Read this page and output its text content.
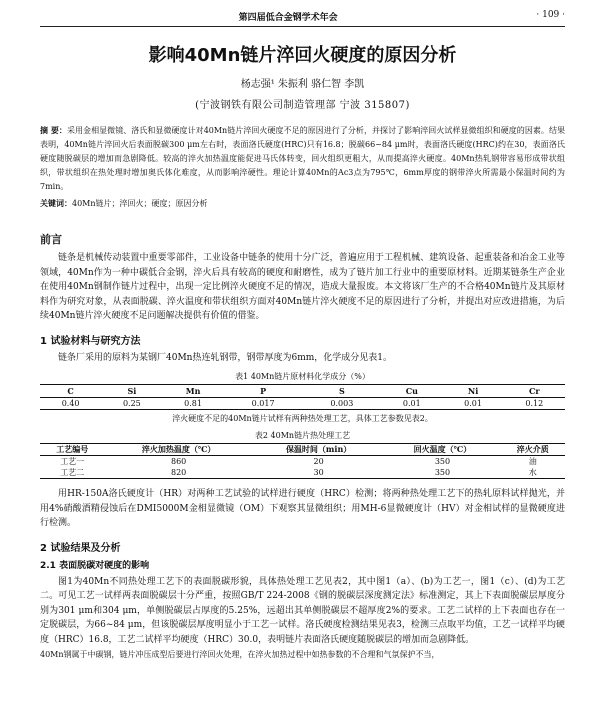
第四届低合金钢学术年会	· 109 ·
影响40Mn链片淬回火硬度的原因分析
杨志强¹ 朱振利 骆仁智 李凯
(宁波钢铁有限公司制造管理部 宁波 315807)
摘 要：采用金相显微镜、洛氏和显微硬度计对40Mn链片淬回火硬度不足的原因进行了分析，并探讨了影响淬回火试样显微组织和硬度的因素。结果表明，40Mn链片淬回火后表面脱碳300 μm左右时，表面洛氏硬度(HRC)只有16.8；脱碳66~84 μm时，表面洛氏硬度(HRC)约在30，表面洛氏硬度随脱碳层的增加而急剧降低。较高的淬火加热温度能促进马氏体转变，回火组织更粗大，从而提高淬火硬度。40Mn热轧钢带容易形成带状组织，带状组织在热处理时增加奥氏体化难度，从而影响淬硬性。理论计算40Mn的Ac3点为795℃，6mm厚度的钢带淬火所需最小保温时间约为7min。
关键词：40Mn链片；淬回火；硬度；原因分析
前言

链条是机械传动装置中重要零部件，工业设备中链条的使用十分广泛，普遍应用于工程机械、建筑设备、起重装备和冶金工业等领域，40Mn作为一种中碳低合金钢，淬火后具有较高的硬度和耐磨性，成为了链片加工行业中的重要原材料。近期某链条生产企业在使用40Mn钢制作链片过程中，出现一定比例淬火硬度不足的情况，造成大量报废。本文将该厂生产的不合格40Mn链片及其原材料作为研究对象，从表面脱碳、淬火温度和带状组织方面对40Mn链片淬火硬度不足的原因进行了分析，并提出对应改进措施，为后续40Mn链片淬火硬度不足问题解决提供有价值的借鉴。

1 试验材料与研究方法

链条厂采用的原料为某钢厂40Mn热连轧钢带，钢带厚度为6mm，化学成分见表1。

表1 40Mn链片原材料化学成分（%）
C	Si	Mn	P	S	Cu	Ni	Cr
0.40	0.25	0.81	0.017	0.003	0.01	0.01	0.12
淬火硬度不足的40Mn链片试样有两种热处理工艺，具体工艺参数见表2。
表2 40Mn链片热处理工艺
工艺编号	淬火加热温度（℃）	保温时间（min）	回火温度（℃）	淬火介质
工艺一	860	20	350	油
工艺二	820	30	350	水

用HR-150A洛氏硬度计（HR）对两种工艺试验的试样进行硬度（HRC）检测；将两种热处理工艺下的热轧原料试样抛光，并用4%硝酸酒精侵蚀后在DMI5000M金相显微镜（OM）下观察其显微组织；用MH-6显微硬度计（HV）对金相试样的显微硬度进行检测。

2 试验结果及分析
2.1 表面脱碳对硬度的影响

图1为40Mn不同热处理工艺下的表面脱碳形貌，具体热处理工艺见表2，其中图1（a）、(b)为工艺一，图1（c）、(d)为工艺二。可见工艺一试样两表面脱碳层十分严重，按照GB/T 224-2008《钢的脱碳层深度测定法》标准测定，其上下表面脱碳层厚度分别为301 μm和304 μm，单侧脱碳层占厚度的5.25%，远超出其单侧脱碳层不超厚度2%的要求。工艺二试样的上下表面也存在一定脱碳层，为66~84 μm，但该脱碳层厚度明显小于工艺一试样。洛氏硬度检测结果见表3，检测三点取平均值，工艺一试样平均硬度（HRC）16.8，工艺二试样平均硬度（HRC）30.0，表明链片表面洛氏硬度随脱碳层的增加而急剧降低。

40Mn钢属于中碳钢，链片冲压成型后要进行淬回火处理，在淬火加热过程中如热参数的不合理和气氛保护不当，
